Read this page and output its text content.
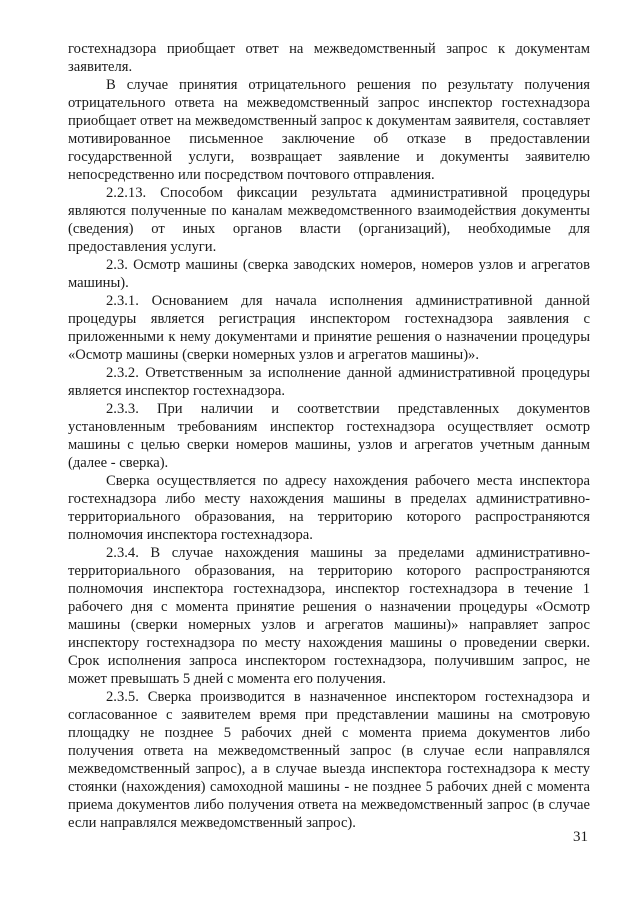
гостехнадзора приобщает ответ на межведомственный запрос к документам заявителя.

В случае принятия отрицательного решения по результату получения отрицательного ответа на межведомственный запрос инспектор гостехнадзора приобщает ответ на межведомственный запрос к документам заявителя, составляет мотивированное письменное заключение об отказе в предоставлении государственной услуги, возвращает заявление и документы заявителю непосредственно или посредством почтового отправления.

2.2.13. Способом фиксации результата административной процедуры являются полученные по каналам межведомственного взаимодействия документы (сведения) от иных органов власти (организаций), необходимые для предоставления услуги.

2.3. Осмотр машины (сверка заводских номеров, номеров узлов и агрегатов машины).

2.3.1. Основанием для начала исполнения административной данной процедуры является регистрация инспектором гостехнадзора заявления с приложенными к нему документами и принятие решения о назначении процедуры «Осмотр машины (сверки номерных узлов и агрегатов машины)».

2.3.2. Ответственным за исполнение данной административной процедуры является инспектор гостехнадзора.

2.3.3. При наличии и соответствии представленных документов установленным требованиям инспектор гостехнадзора осуществляет осмотр машины с целью сверки номеров машины, узлов и агрегатов учетным данным (далее - сверка).

Сверка осуществляется по адресу нахождения рабочего места инспектора гостехнадзора либо месту нахождения машины в пределах административно-территориального образования, на территорию которого распространяются полномочия инспектора гостехнадзора.

2.3.4. В случае нахождения машины за пределами административно-территориального образования, на территорию которого распространяются полномочия инспектора гостехнадзора, инспектор гостехнадзора в течение 1 рабочего дня с момента принятие решения о назначении процедуры «Осмотр машины (сверки номерных узлов и агрегатов машины)» направляет запрос инспектору гостехнадзора по месту нахождения машины о проведении сверки. Срок исполнения запроса инспектором гостехнадзора, получившим запрос, не может превышать 5 дней с момента его получения.

2.3.5. Сверка производится в назначенное инспектором гостехнадзора и согласованное с заявителем время при представлении машины на смотровую площадку не позднее 5 рабочих дней с момента приема документов либо получения ответа на межведомственный запрос (в случае если направлялся межведомственный запрос), а в случае выезда инспектора гостехнадзора к месту стоянки (нахождения) самоходной машины - не позднее 5 рабочих дней с момента приема документов либо получения ответа на межведомственный запрос (в случае если направлялся межведомственный запрос).

31
